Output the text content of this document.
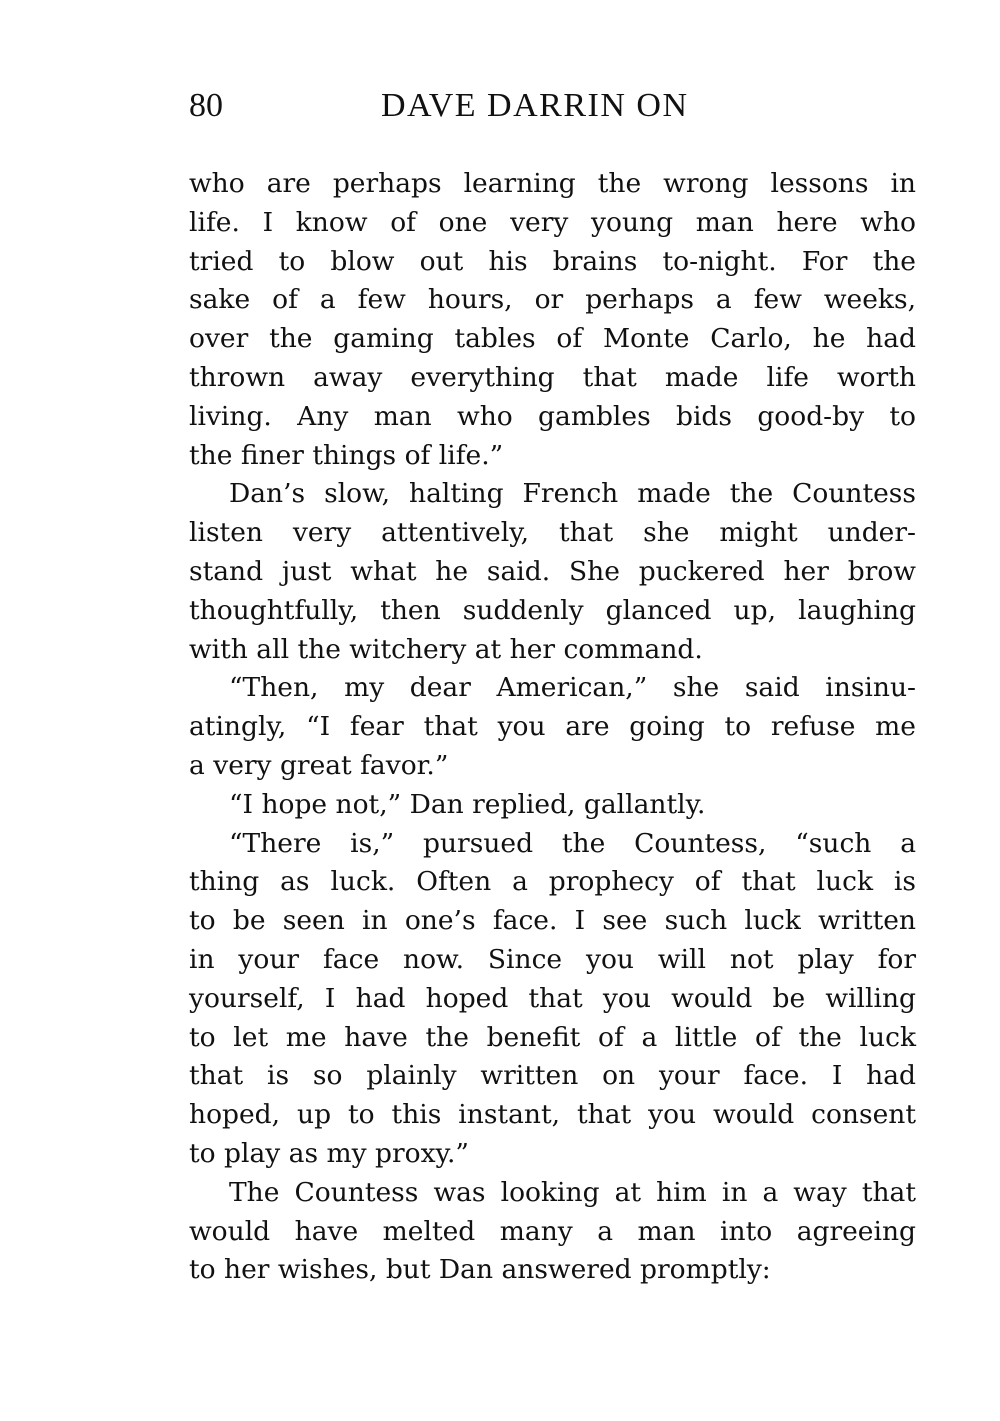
80	DAVE DARRIN ON
who are perhaps learning the wrong lessons in
life. I know of one very young man here who
tried to blow out his brains to-night. For the
sake of a few hours, or perhaps a few weeks,
over the gaming tables of Monte Carlo, he had
thrown away everything that made life worth
living. Any man who gambles bids good-by to
the finer things of life.”
Dan’s slow, halting French made the Countess
listen very attentively, that she might under-
stand just what he said. She puckered her brow
thoughtfully, then suddenly glanced up, laughing
with all the witchery at her command.
“Then, my dear American,” she said insinu-
atingly, “I fear that you are going to refuse me
a very great favor.”
“I hope not,” Dan replied, gallantly.
“There is,” pursued the Countess, “such a
thing as luck. Often a prophecy of that luck is
to be seen in one’s face. I see such luck written
in your face now. Since you will not play for
yourself, I had hoped that you would be willing
to let me have the benefit of a little of the luck
that is so plainly written on your face. I had
hoped, up to this instant, that you would consent
to play as my proxy.”
The Countess was looking at him in a way that
would have melted many a man into agreeing
to her wishes, but Dan answered promptly:
